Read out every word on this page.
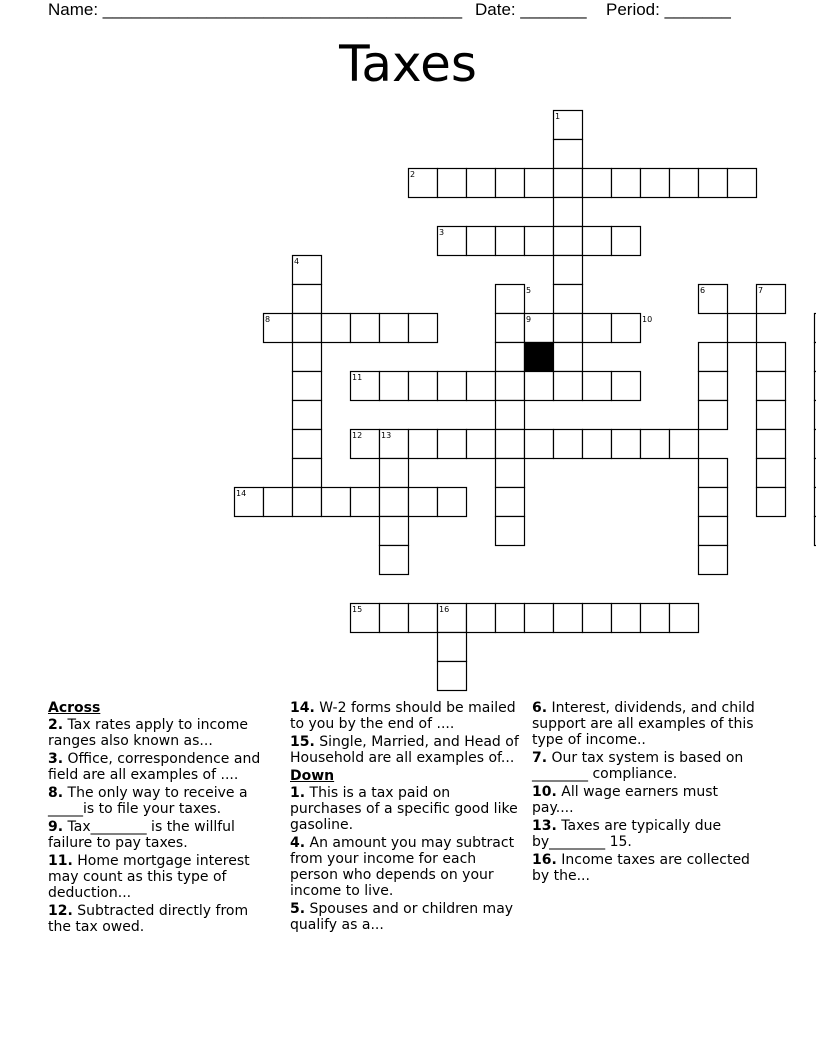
Name: ______________________________________ Date: _______ Period: _______
Taxes
1
2
3
4
5	6	7
8	9	10
11
12 13
14
15	16
Across
2. Tax rates apply to income ranges also known as...
3. Office, correspondence and field are all examples of ....
8. The only way to receive a _____is to file your taxes.
9. Tax________ is the willful failure to pay taxes.
11. Home mortgage interest may count as this type of deduction...
12. Subtracted directly from the tax owed.
14. W-2 forms should be mailed to you by the end of ....
15. Single, Married, and Head of Household are all examples of...
Down
1. This is a tax paid on purchases of a specific good like gasoline.
4. An amount you may subtract from your income for each person who depends on your income to live.
5. Spouses and or children may qualify as a...
6. Interest, dividends, and child support are all examples of this type of income..
7. Our tax system is based on ________ compliance.
10. All wage earners must pay....
13. Taxes are typically due by________ 15.
16. Income taxes are collected by the...
